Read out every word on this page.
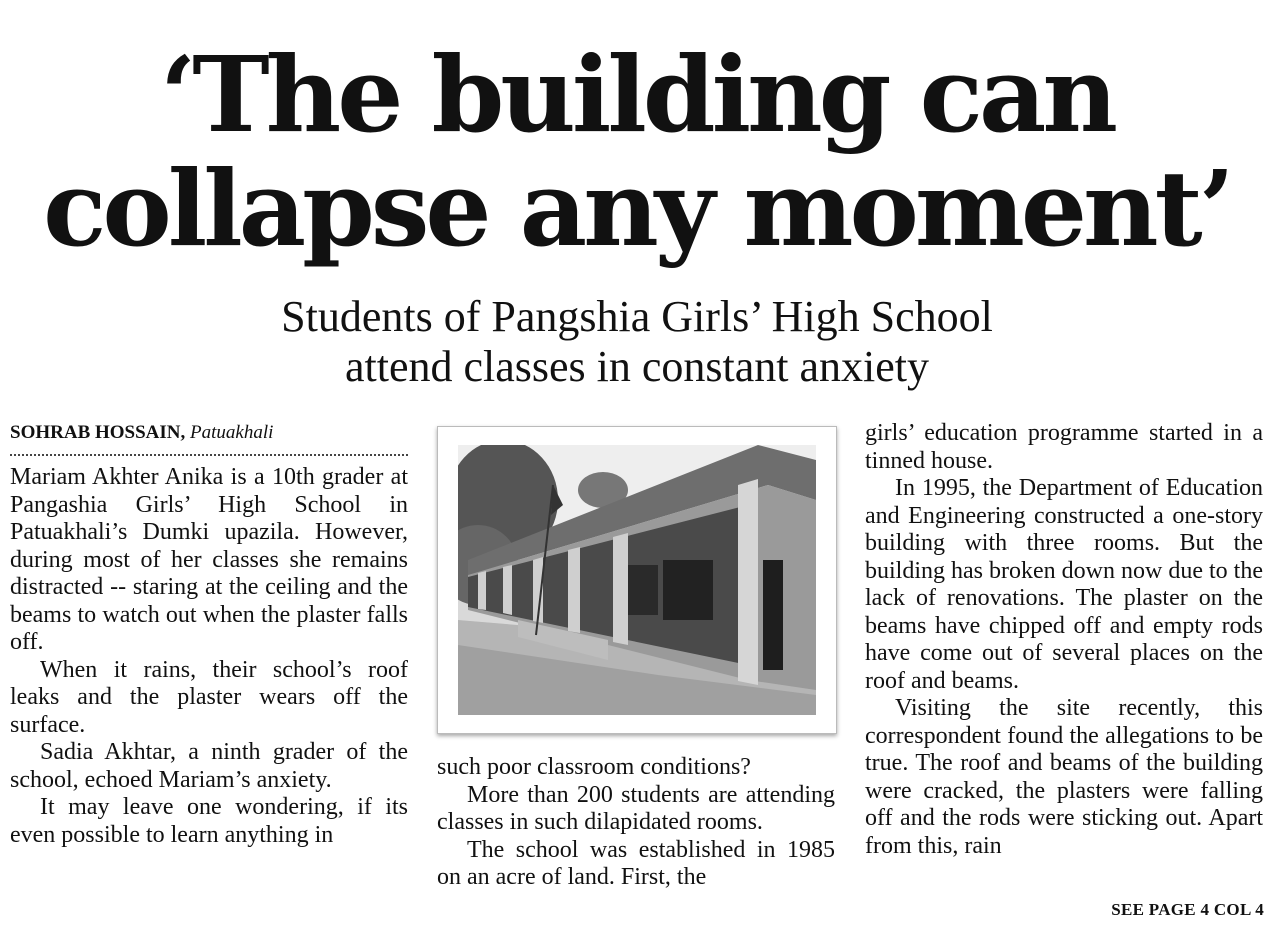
‘The building can
collapse any moment’
Students of Pangshia Girls’ High School
attend classes in constant anxiety
SOHRAB HOSSAIN, Patuakhali

Mariam Akhter Anika is a 10th grader at Pangashia Girls’ High School in Patuakhali’s Dumki upazila. However, during most of her classes she remains distracted -- staring at the ceiling and the beams to watch out when the plaster falls off.

When it rains, their school’s roof leaks and the plaster wears off the surface.

Sadia Akhtar, a ninth grader of the school, echoed Mariam’s anxiety.

It may leave one wondering, if its even possible to learn anything in

such poor classroom conditions?

More than 200 students are attending classes in such dilapidated rooms.

The school was established in 1985 on an acre of land. First, the

girls’ education programme started in a tinned house.

In 1995, the Department of Education and Engineering constructed a one-story building with three rooms. But the building has broken down now due to the lack of renovations. The plaster on the beams have chipped off and empty rods have come out of several places on the roof and beams.

Visiting the site recently, this correspondent found the allegations to be true. The roof and beams of the building were cracked, the plasters were falling off and the rods were sticking out. Apart from this, rain

SEE PAGE 4 COL 4
